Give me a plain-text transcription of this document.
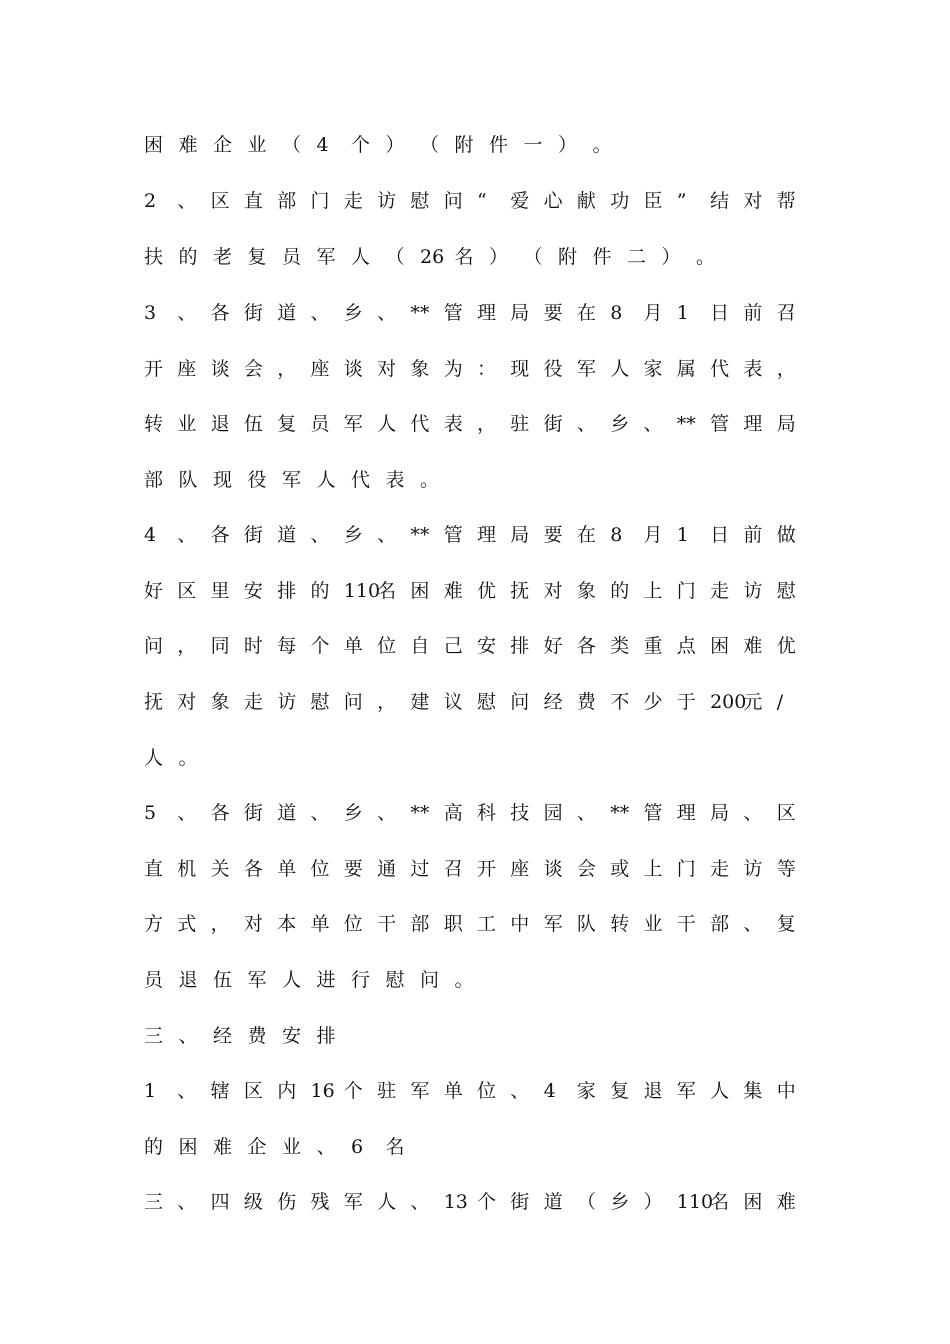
困 难 企 业 （ 4	个 ） （ 附 件 一 ） 。
2	、 区 直 部 门 走 访 慰 问 “	爱 心 献 功 臣 ”	结 对 帮
扶 的 老 复 员 军 人 （ 26 名 ） （ 附 件 二 ） 。
3	、 各 街 道 、 乡 、 ** 管 理 局 要 在 8	月 1	日 前 召
开 座 谈 会 ， 座 谈 对 象 为 ： 现 役 军 人 家 属 代 表 ，
转 业 退 伍 复 员 军 人 代 表 ， 驻 街 、 乡 、 ** 管 理 局
部 队 现 役 军 人 代 表 。
4	、 各 街 道 、 乡 、 ** 管 理 局 要 在 8	月 1	日 前 做
好 区 里 安 排 的 110
名 困 难 优 抚 对 象 的 上 门 走 访 慰
问 ， 同 时 每 个 单 位 自 己 安 排 好 各 类 重 点 困 难 优
抚 对 象 走 访 慰 问 ， 建 议 慰 问 经 费 不 少 于 200
元 /
人 。
5	、 各 街 道 、 乡 、 ** 高 科 技 园 、 ** 管 理 局 、 区
直 机 关 各 单 位 要 通 过 召 开 座 谈 会 或 上 门 走 访 等
方 式 ， 对 本 单 位 干 部 职 工 中 军 队 转 业 干 部 、 复
员 退 伍 军 人 进 行 慰 问 。
三 、 经 费 安 排
1	、 辖 区 内 16 个 驻 军 单 位 、 4	家 复 退 军 人 集 中
的 困 难 企 业 、 6	名
三 、 四 级 伤 残 军 人 、 13 个 街 道 （ 乡 ） 110
名 困 难
